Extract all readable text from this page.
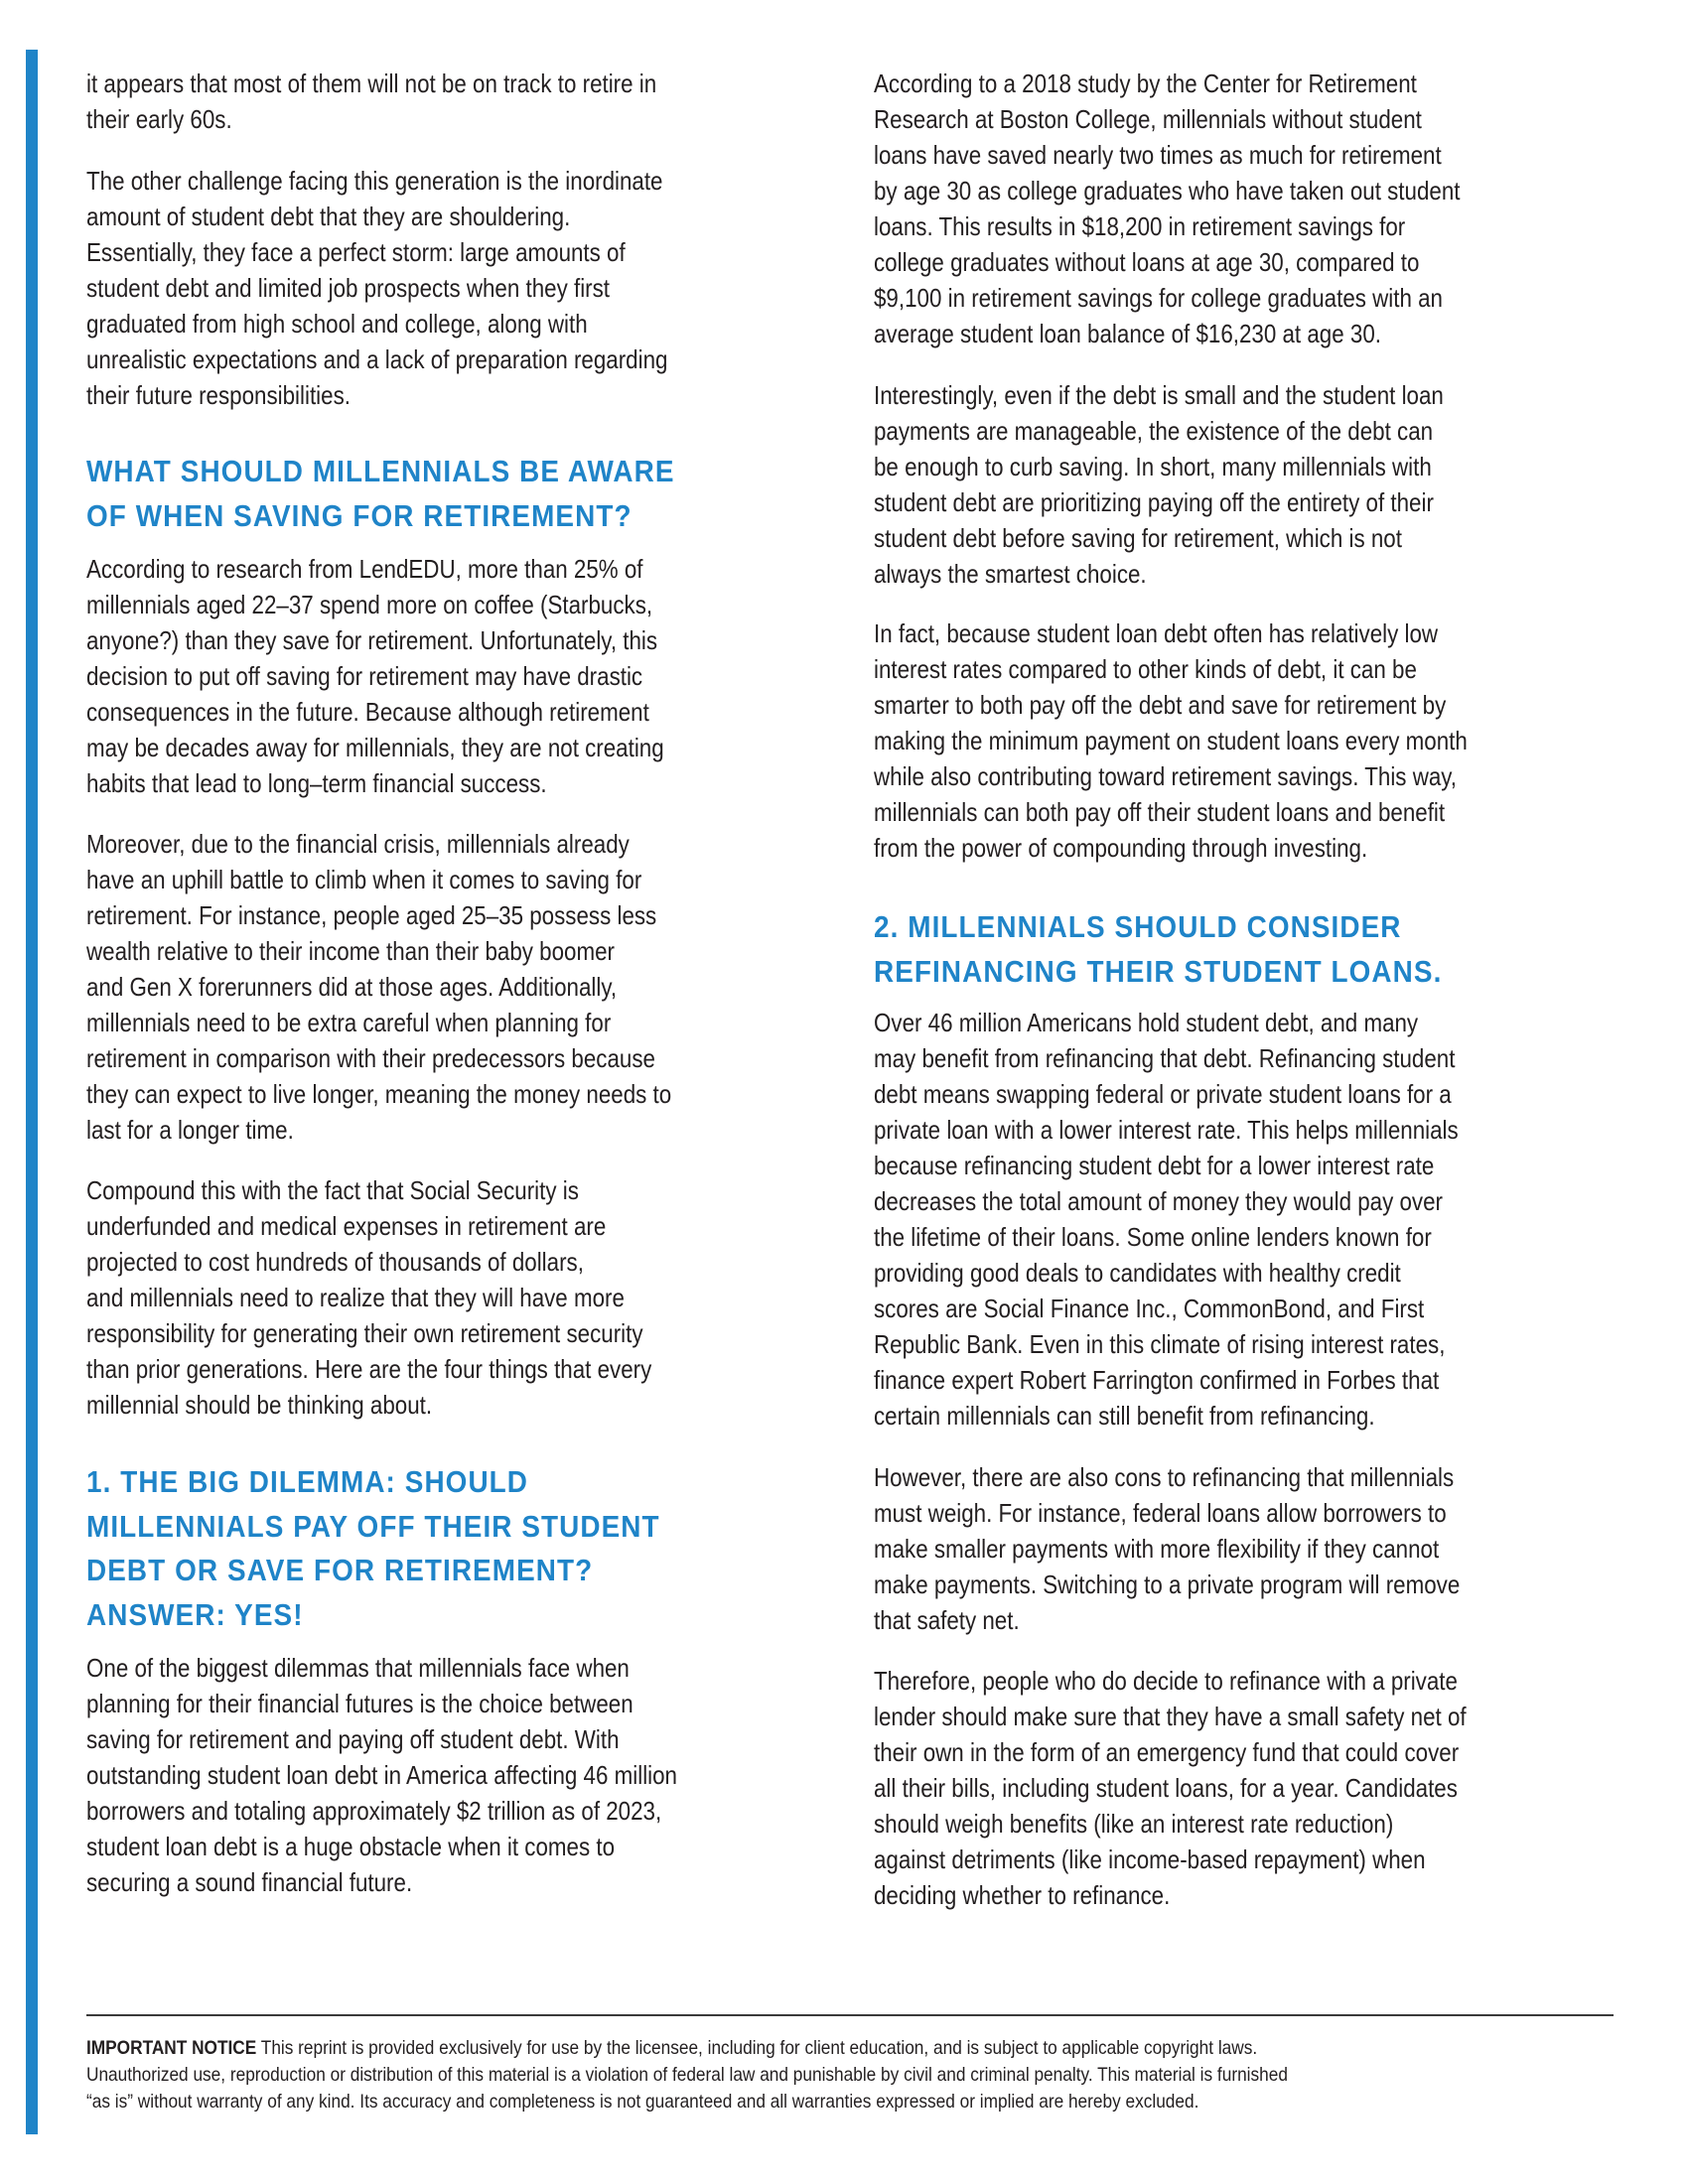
it appears that most of them will not be on track to retire in
their early 60s.
The other challenge facing this generation is the inordinate
amount of student debt that they are shouldering.
Essentially, they face a perfect storm: large amounts of
student debt and limited job prospects when they first
graduated from high school and college, along with
unrealistic expectations and a lack of preparation regarding
their future responsibilities.
WHAT SHOULD MILLENNIALS BE AWARE
OF WHEN SAVING FOR RETIREMENT?
According to research from LendEDU, more than 25% of
millennials aged 22–37 spend more on coffee (Starbucks,
anyone?) than they save for retirement. Unfortunately, this
decision to put off saving for retirement may have drastic
consequences in the future. Because although retirement
may be decades away for millennials, they are not creating
habits that lead to long–term financial success.
Moreover, due to the financial crisis, millennials already
have an uphill battle to climb when it comes to saving for
retirement. For instance, people aged 25–35 possess less
wealth relative to their income than their baby boomer
and Gen X forerunners did at those ages. Additionally,
millennials need to be extra careful when planning for
retirement in comparison with their predecessors because
they can expect to live longer, meaning the money needs to
last for a longer time.
Compound this with the fact that Social Security is
underfunded and medical expenses in retirement are
projected to cost hundreds of thousands of dollars,
and millennials need to realize that they will have more
responsibility for generating their own retirement security
than prior generations. Here are the four things that every
millennial should be thinking about.
1. THE BIG DILEMMA: SHOULD
MILLENNIALS PAY OFF THEIR STUDENT
DEBT OR SAVE FOR RETIREMENT?
ANSWER: YES!
One of the biggest dilemmas that millennials face when
planning for their financial futures is the choice between
saving for retirement and paying off student debt. With
outstanding student loan debt in America affecting 46 million
borrowers and totaling approximately $2 trillion as of 2023,
student loan debt is a huge obstacle when it comes to
securing a sound financial future.
According to a 2018 study by the Center for Retirement
Research at Boston College, millennials without student
loans have saved nearly two times as much for retirement
by age 30 as college graduates who have taken out student
loans. This results in $18,200 in retirement savings for
college graduates without loans at age 30, compared to
$9,100 in retirement savings for college graduates with an
average student loan balance of $16,230 at age 30.
Interestingly, even if the debt is small and the student loan
payments are manageable, the existence of the debt can
be enough to curb saving. In short, many millennials with
student debt are prioritizing paying off the entirety of their
student debt before saving for retirement, which is not
always the smartest choice.
In fact, because student loan debt often has relatively low
interest rates compared to other kinds of debt, it can be
smarter to both pay off the debt and save for retirement by
making the minimum payment on student loans every month
while also contributing toward retirement savings. This way,
millennials can both pay off their student loans and benefit
from the power of compounding through investing.
2. MILLENNIALS SHOULD CONSIDER
REFINANCING THEIR STUDENT LOANS.
Over 46 million Americans hold student debt, and many
may benefit from refinancing that debt. Refinancing student
debt means swapping federal or private student loans for a
private loan with a lower interest rate. This helps millennials
because refinancing student debt for a lower interest rate
decreases the total amount of money they would pay over
the lifetime of their loans. Some online lenders known for
providing good deals to candidates with healthy credit
scores are Social Finance Inc., CommonBond, and First
Republic Bank. Even in this climate of rising interest rates,
finance expert Robert Farrington confirmed in Forbes that
certain millennials can still benefit from refinancing.
However, there are also cons to refinancing that millennials
must weigh. For instance, federal loans allow borrowers to
make smaller payments with more flexibility if they cannot
make payments. Switching to a private program will remove
that safety net.
Therefore, people who do decide to refinance with a private
lender should make sure that they have a small safety net of
their own in the form of an emergency fund that could cover
all their bills, including student loans, for a year. Candidates
should weigh benefits (like an interest rate reduction)
against detriments (like income-based repayment) when
deciding whether to refinance.
IMPORTANT NOTICE This reprint is provided exclusively for use by the licensee, including for client education, and is subject to applicable copyright laws.
Unauthorized use, reproduction or distribution of this material is a violation of federal law and punishable by civil and criminal penalty. This material is furnished
“as is” without warranty of any kind. Its accuracy and completeness is not guaranteed and all warranties expressed or implied are hereby excluded.
